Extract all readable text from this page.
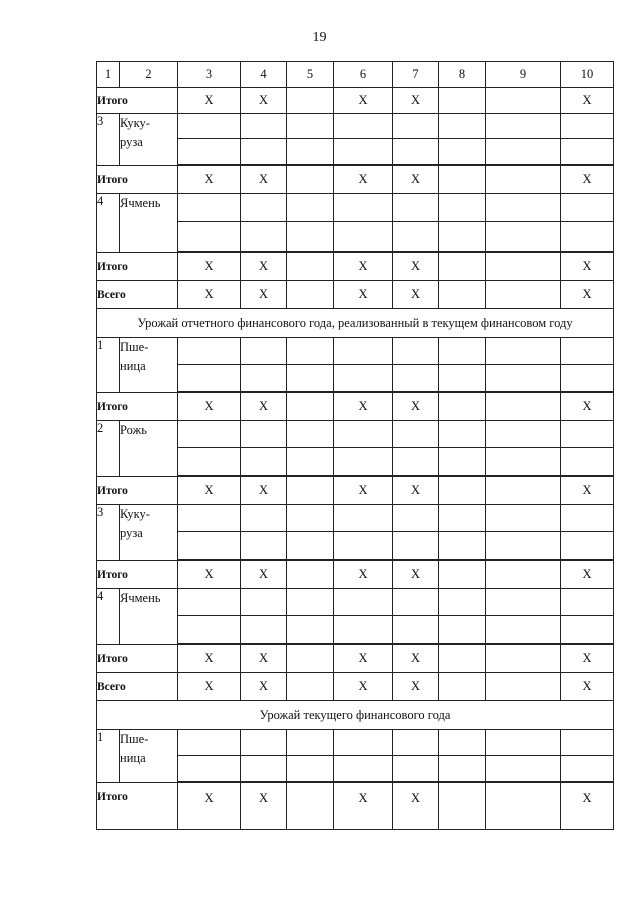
19
1	2	3	4	5	6	7	8	9	10
Итого		X	X		X	X			X
3	Куку-
руза								

Итого		X	X		X	X			X
4	Ячмень								

Итого		X	X		X	X			X
Всего		X	X		X	X			X
Урожай отчетного финансового года, реализованный в текущем финансовом году									
1	Пше-
ница								

Итого		X	X		X	X			X
2	Рожь								

Итого		X	X		X	X			X
3	Куку-
руза								

Итого		X	X		X	X			X
4	Ячмень								

Итого		X	X		X	X			X
Всего		X	X		X	X			X
Урожай текущего финансового года									
1	Пше-
ница								

Итого		X	X		X	X			X
